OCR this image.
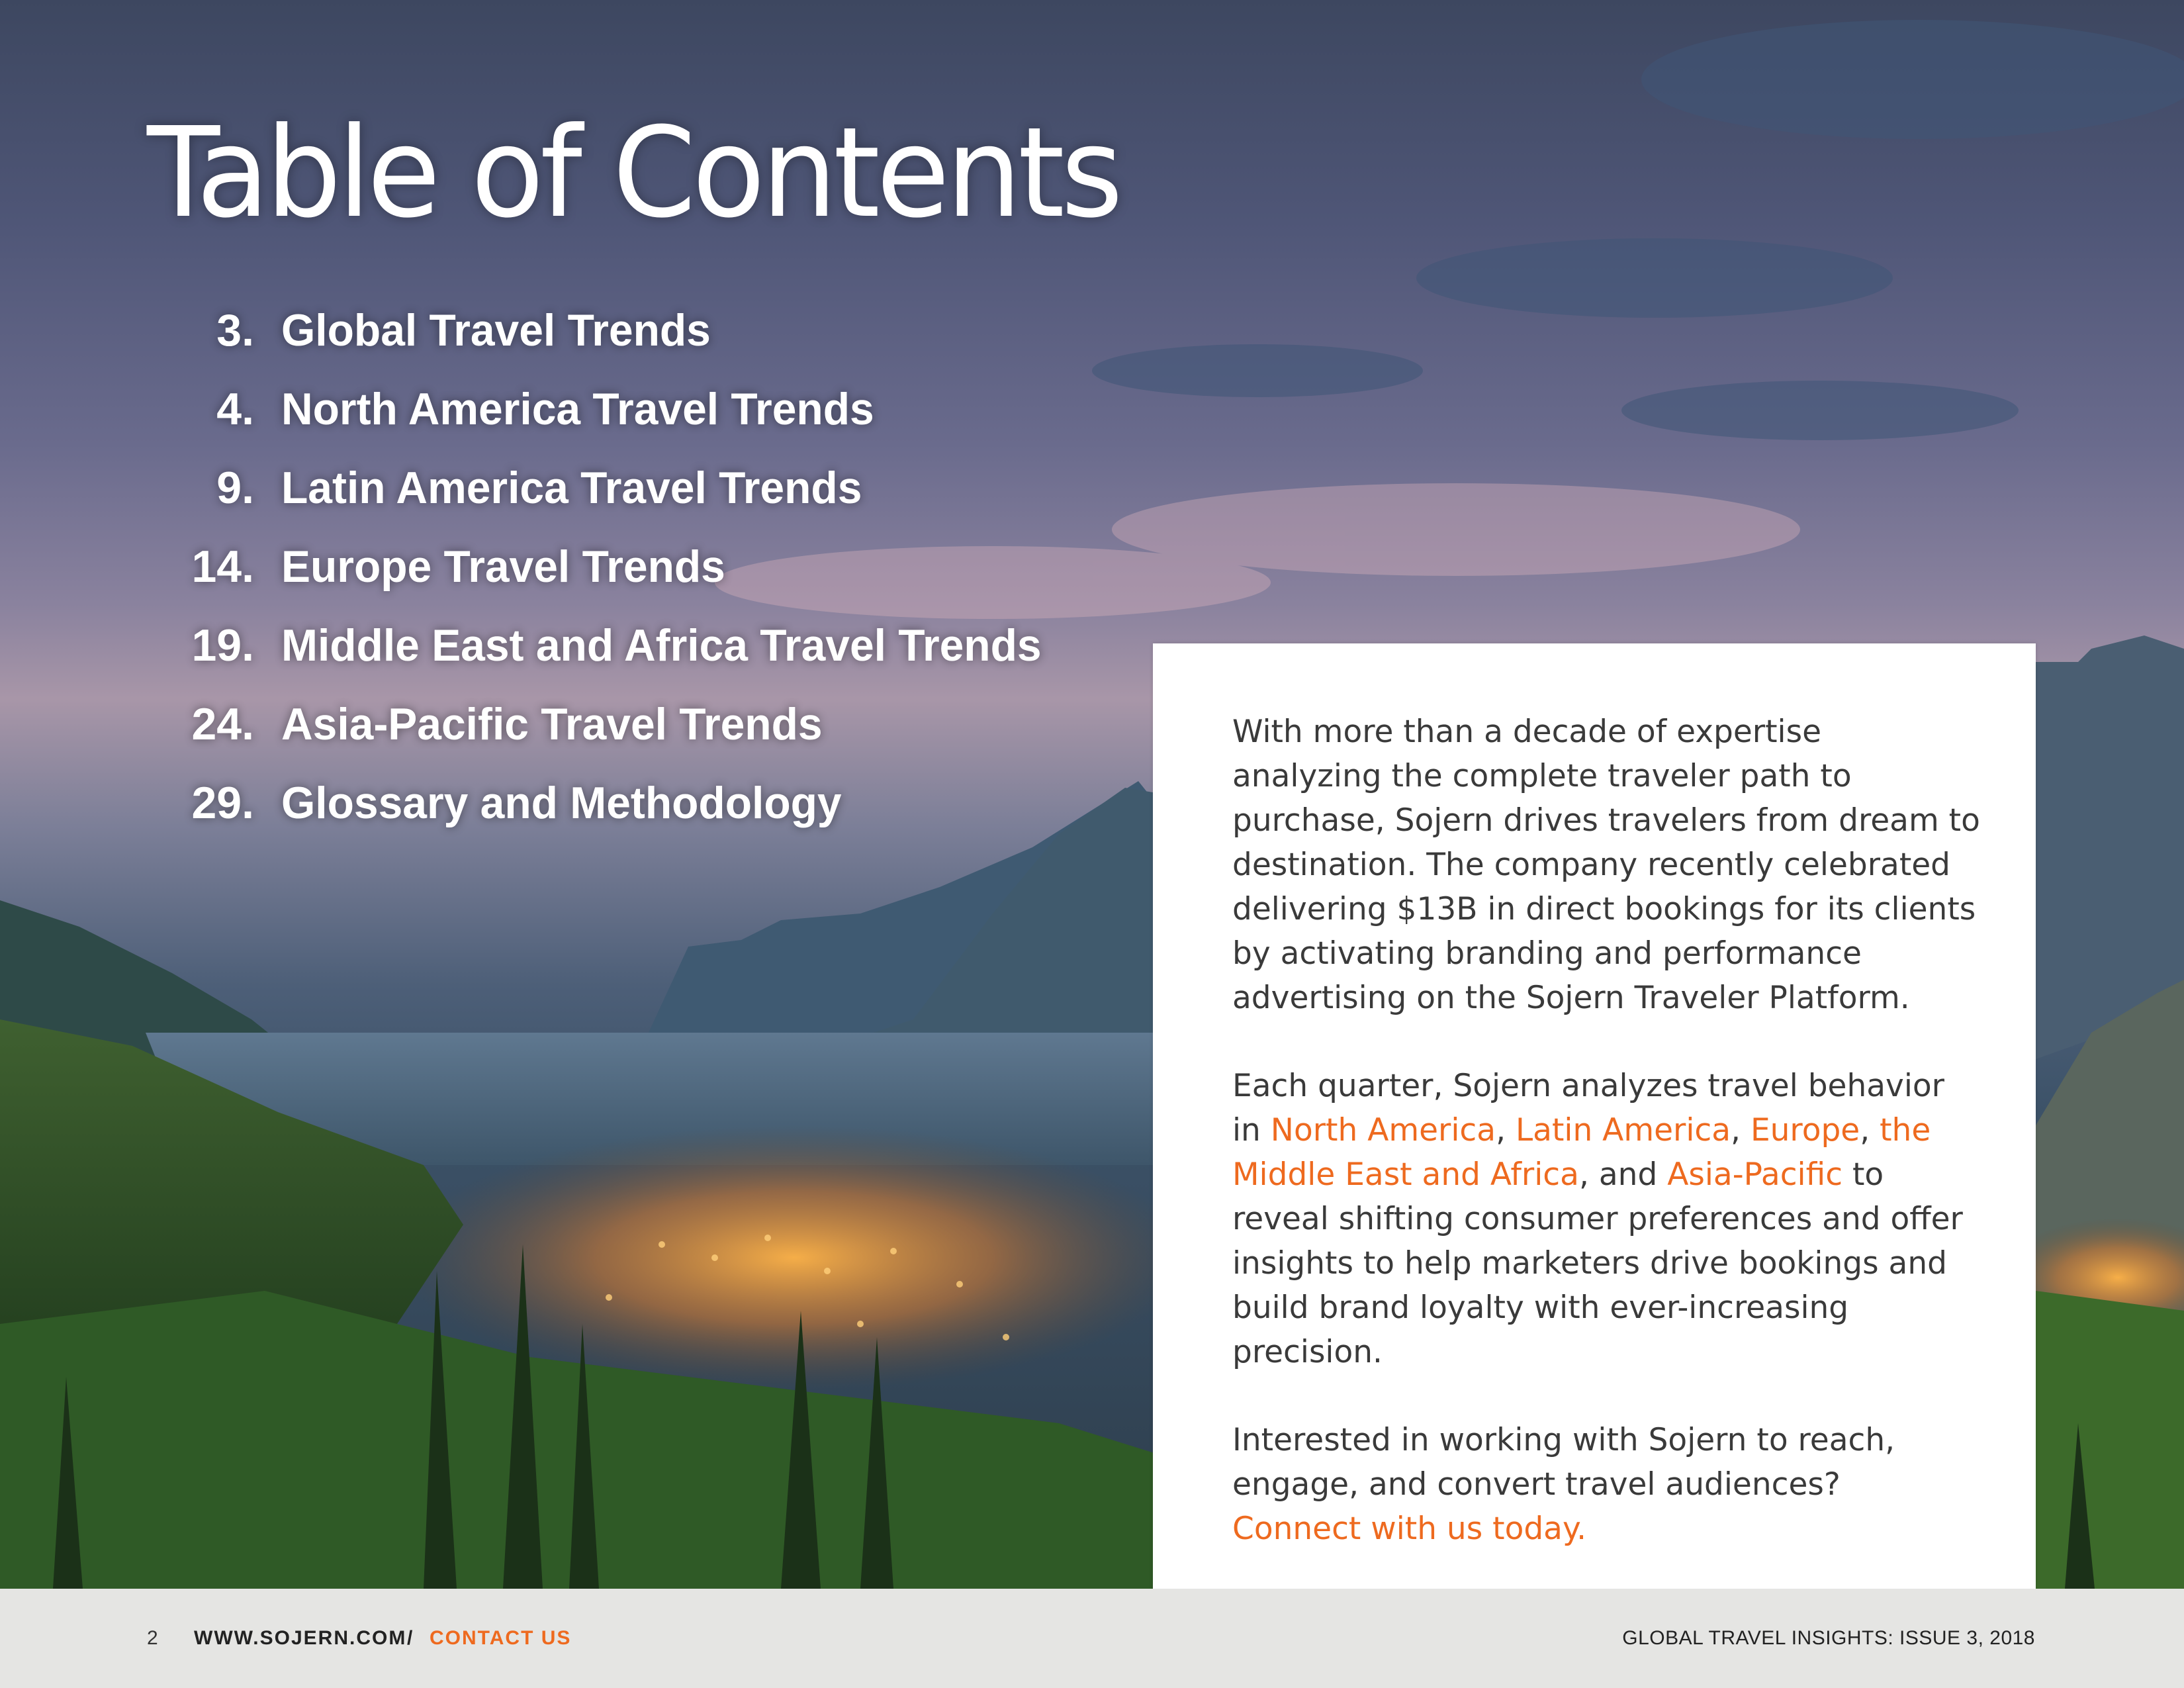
Table of Contents
3. Global Travel Trends
4. North America Travel Trends
9. Latin America Travel Trends
14. Europe Travel Trends
19. Middle East and Africa Travel Trends
24. Asia-Pacific Travel Trends
29. Glossary and Methodology

With more than a decade of expertise analyzing the complete traveler path to purchase, Sojern drives travelers from dream to destination. The company recently celebrated delivering $13B in direct bookings for its clients by activating branding and performance advertising on the Sojern Traveler Platform.

Each quarter, Sojern analyzes travel behavior in North America, Latin America, Europe, the Middle East and Africa, and Asia-Pacific to reveal shifting consumer preferences and offer insights to help marketers drive bookings and build brand loyalty with ever-increasing precision.

Interested in working with Sojern to reach, engage, and convert travel audiences?
Connect with us today.

2 WWW.SOJERN.COM / CONTACT US	GLOBAL TRAVEL INSIGHTS: ISSUE 3, 2018
